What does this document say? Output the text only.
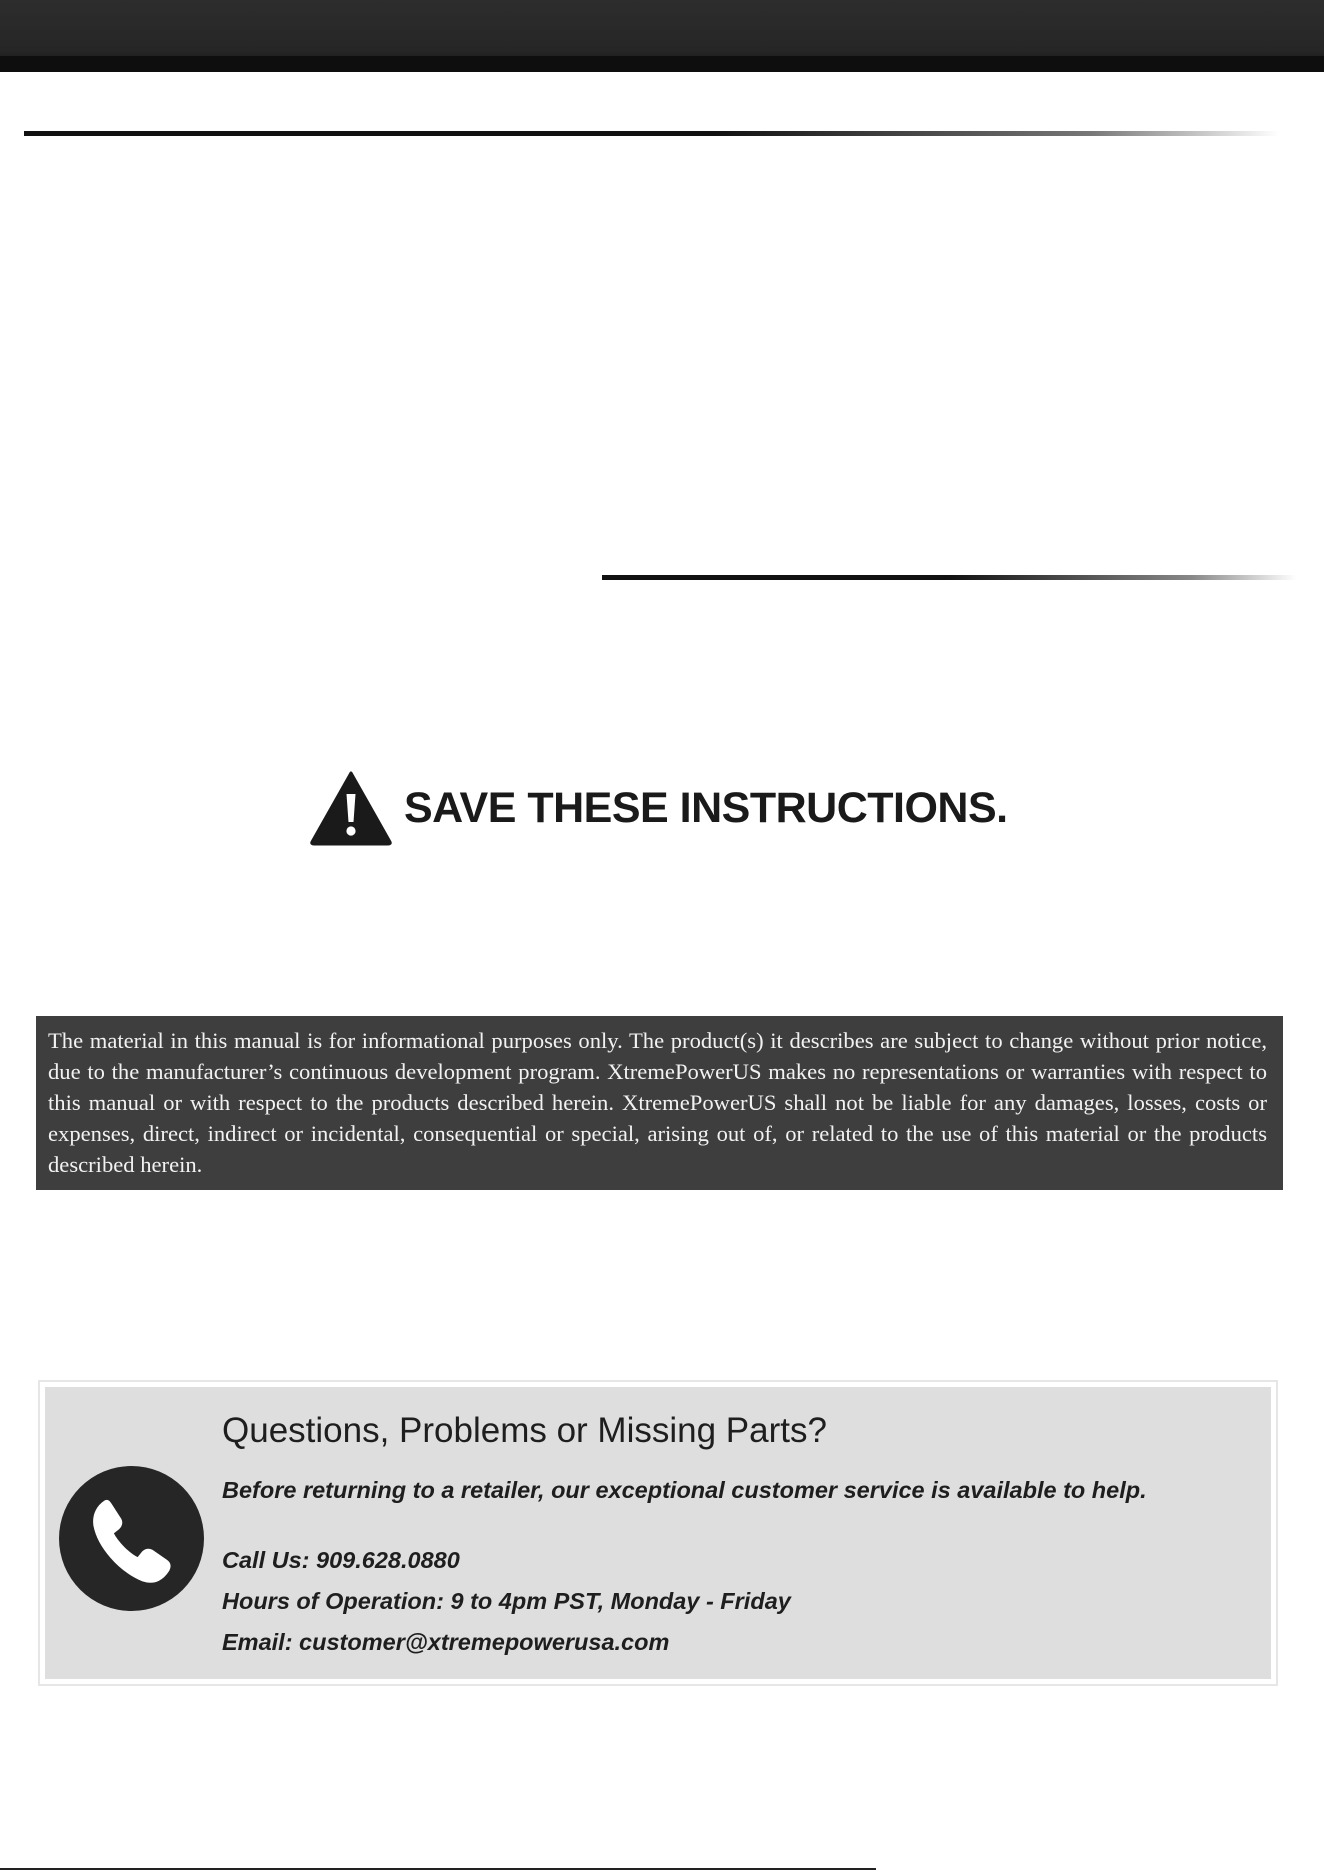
SAVE THESE INSTRUCTIONS.

The material in this manual is for informational purposes only. The product(s) it describes are subject to change without prior notice, due to the manufacturer’s continuous development program. XtremePowerUS makes no representations or warranties with respect to this manual or with respect to the products described herein. XtremePowerUS shall not be liable for any damages, losses, costs or expenses, direct, indirect or incidental, consequential or special, arising out of, or related to the use of this material or the products described herein.

Questions, Problems or Missing Parts?
Before returning to a retailer, our exceptional customer service is available to help.
Call Us: 909.628.0880
Hours of Operation: 9 to 4pm PST, Monday - Friday
Email: customer@xtremepowerusa.com
